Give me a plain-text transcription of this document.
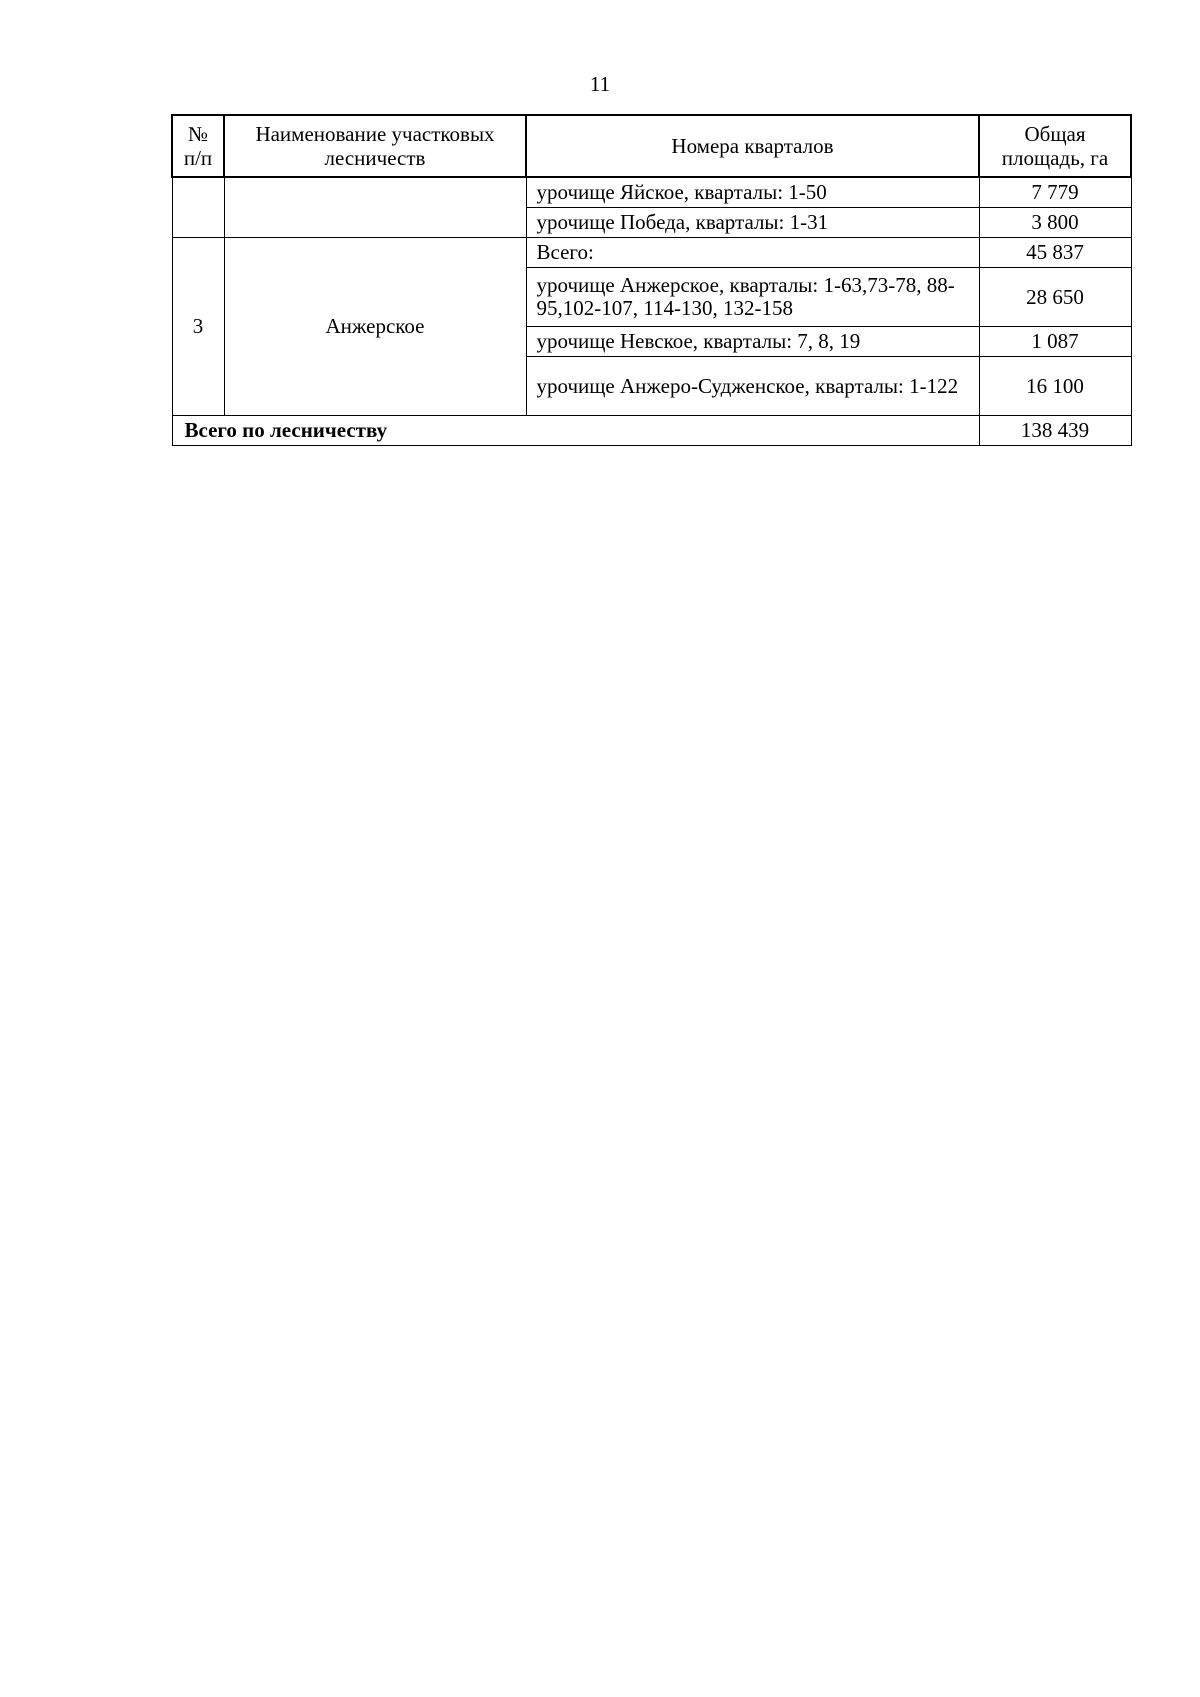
11
№ п/п	Наименование участковых лесничеств	Номера кварталов	Общая площадь, га
		урочище Яйское, кварталы: 1-50	7 779
		урочище Победа, кварталы: 1-31	3 800
3	Анжерское	Всего:	45 837
		урочище Анжерское, кварталы: 1-63,73-78, 88-95,102-107, 114-130, 132-158	28 650
		урочище Невское, кварталы: 7, 8, 19	1 087
		урочище Анжеро-Судженское, кварталы: 1-122	16 100
Всего по лесничеству			138 439
